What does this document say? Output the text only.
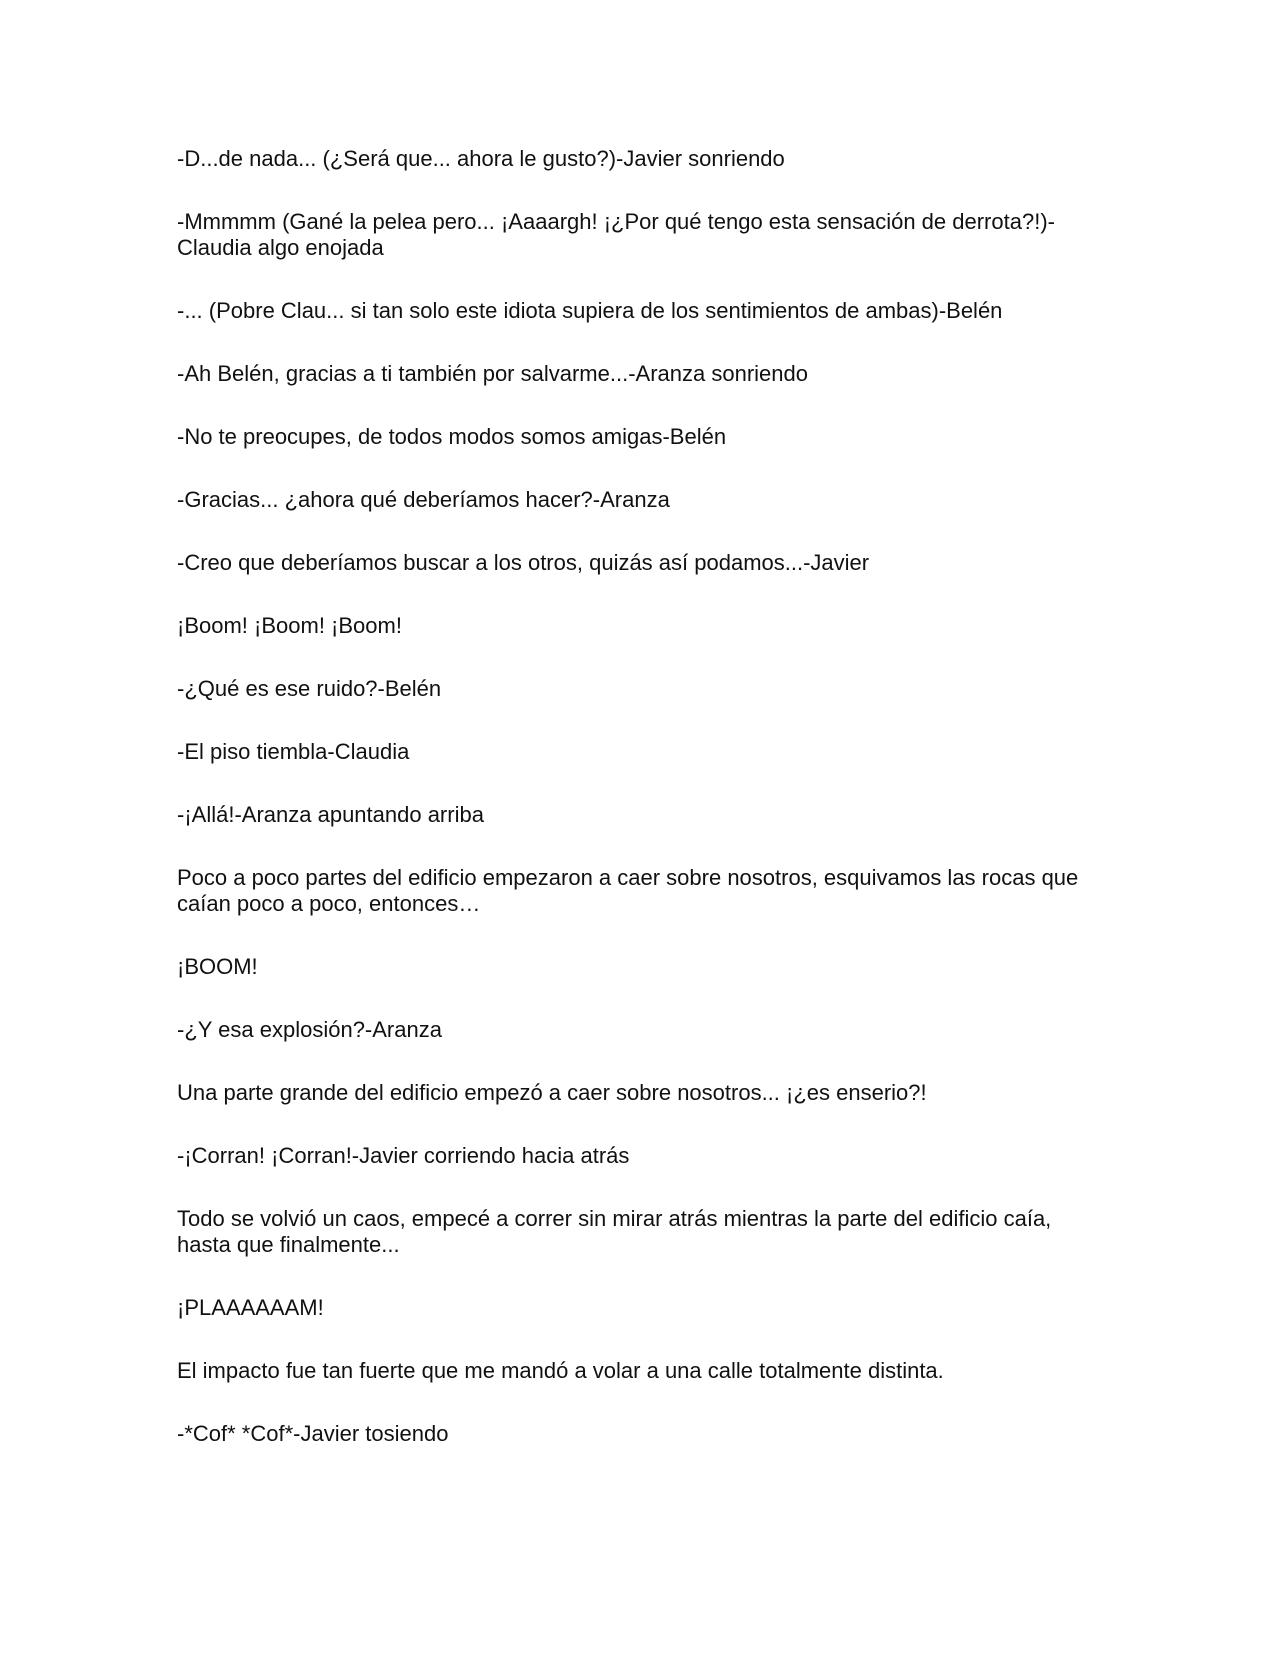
-D...de nada... (¿Será que... ahora le gusto?)-Javier sonriendo

-Mmmmm (Gané la pelea pero... ¡Aaaargh! ¡¿Por qué tengo esta sensación de derrota?!)-Claudia algo enojada

-... (Pobre Clau... si tan solo este idiota supiera de los sentimientos de ambas)-Belén

-Ah Belén, gracias a ti también por salvarme...-Aranza sonriendo

-No te preocupes, de todos modos somos amigas-Belén

-Gracias... ¿ahora qué deberíamos hacer?-Aranza

-Creo que deberíamos buscar a los otros, quizás así podamos...-Javier

¡Boom! ¡Boom! ¡Boom!

-¿Qué es ese ruido?-Belén

-El piso tiembla-Claudia

-¡Allá!-Aranza apuntando arriba

Poco a poco partes del edificio empezaron a caer sobre nosotros, esquivamos las rocas que caían poco a poco, entonces…

¡BOOM!

-¿Y esa explosión?-Aranza

Una parte grande del edificio empezó a caer sobre nosotros... ¡¿es enserio?!

-¡Corran! ¡Corran!-Javier corriendo hacia atrás

Todo se volvió un caos, empecé a correr sin mirar atrás mientras la parte del edificio caía, hasta que finalmente...

¡PLAAAAAAM!

El impacto fue tan fuerte que me mandó a volar a una calle totalmente distinta.

-*Cof* *Cof*-Javier tosiendo
